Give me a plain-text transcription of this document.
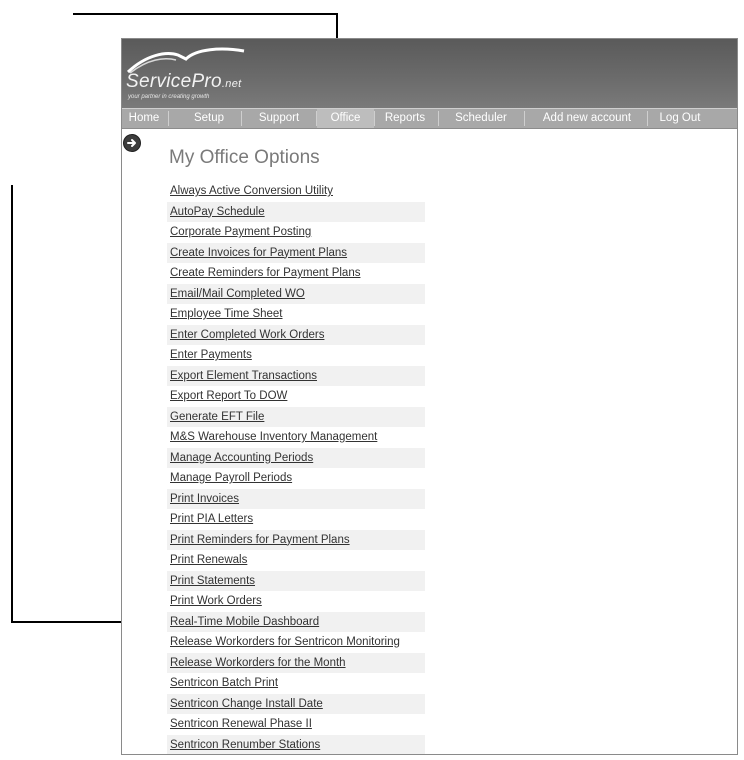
ServicePro.net
your partner in creating growth
Home	Setup	Support	Office	Reports	Scheduler	Add new account	Log Out
My Office Options
Always Active Conversion Utility
AutoPay Schedule
Corporate Payment Posting
Create Invoices for Payment Plans
Create Reminders for Payment Plans
Email/Mail Completed WO
Employee Time Sheet
Enter Completed Work Orders
Enter Payments
Export Element Transactions
Export Report To DOW
Generate EFT File
M&S Warehouse Inventory Management
Manage Accounting Periods
Manage Payroll Periods
Print Invoices
Print PIA Letters
Print Reminders for Payment Plans
Print Renewals
Print Statements
Print Work Orders
Real-Time Mobile Dashboard
Release Workorders for Sentricon Monitoring
Release Workorders for the Month
Sentricon Batch Print
Sentricon Change Install Date
Sentricon Renewal Phase II
Sentricon Renumber Stations
